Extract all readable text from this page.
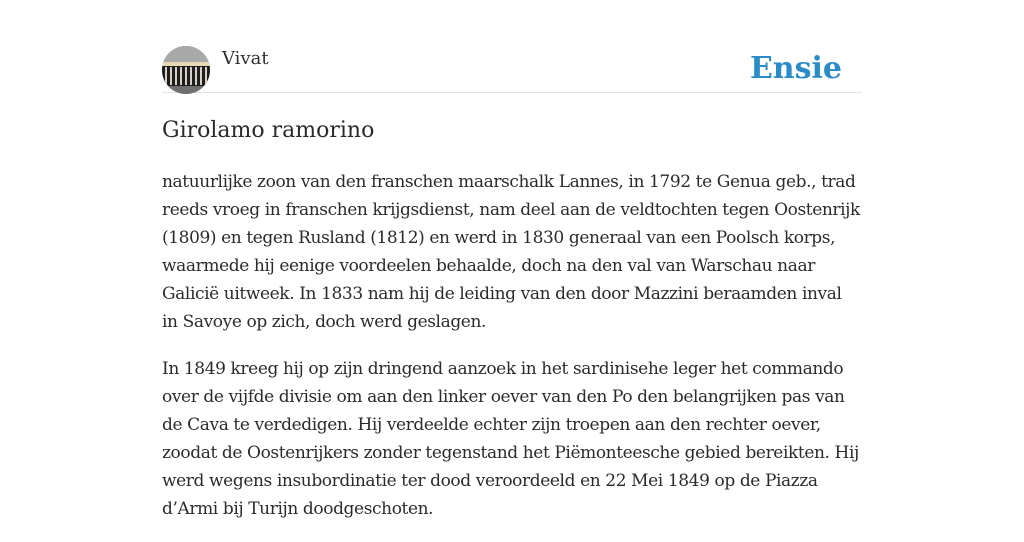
Vivat	Ensie
Girolamo ramorino

natuurlijke zoon van den franschen maarschalk Lannes, in 1792 te Genua geb., trad reeds vroeg in franschen krijgsdienst, nam deel aan de veldtochten tegen Oostenrijk (1809) en tegen Rusland (1812) en werd in 1830 generaal van een Poolsch korps, waarmede hij eenige voordeelen behaalde, doch na den val van Warschau naar Galicië uitweek. In 1833 nam hij de leiding van den door Mazzini beraamden inval in Savoye op zich, doch werd geslagen.

In 1849 kreeg hij op zijn dringend aanzoek in het sardinisehe leger het commando over de vijfde divisie om aan den linker oever van den Po den belangrijken pas van de Cava te verdedigen. Hij verdeelde echter zijn troepen aan den rechter oever, zoodat de Oostenrijkers zonder tegenstand het Piëmonteesche gebied bereikten. Hij werd wegens insubordinatie ter dood veroordeeld en 22 Mei 1849 op de Piazza d’Armi bij Turijn doodgeschoten.
